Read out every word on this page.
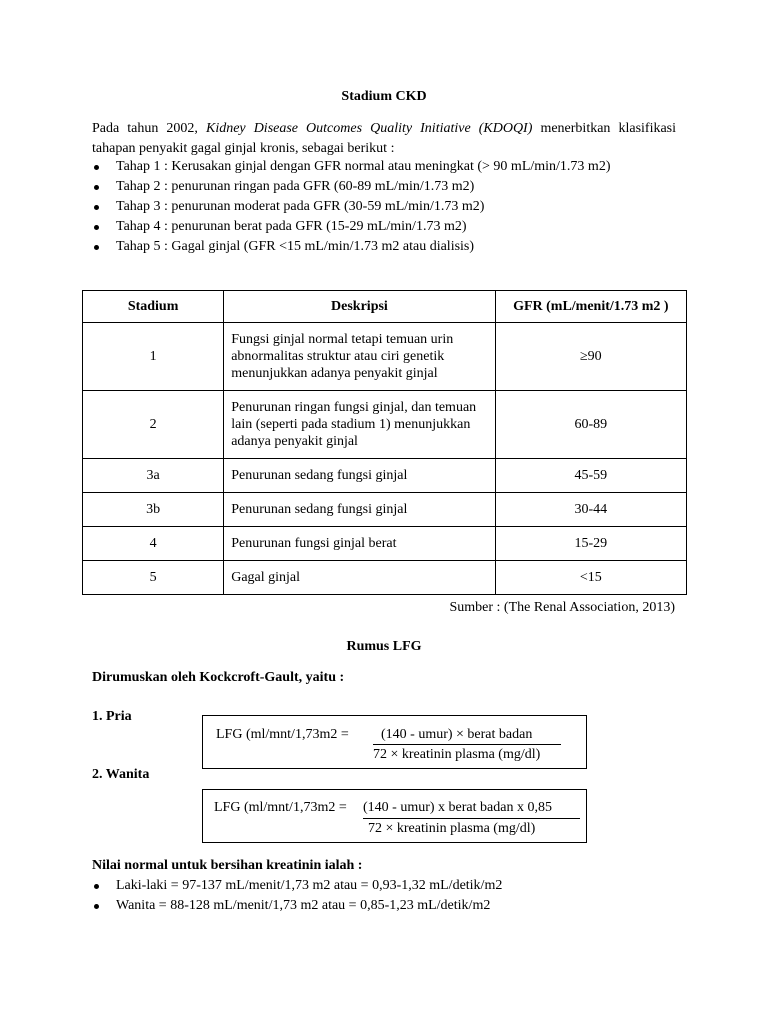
Stadium CKD
Pada tahun 2002, Kidney Disease Outcomes Quality Initiative (KDOQI) menerbitkan klasifikasi tahapan penyakit gagal ginjal kronis, sebagai berikut :
Tahap 1 : Kerusakan ginjal dengan GFR normal atau meningkat (> 90 mL/min/1.73 m2)
Tahap 2 : penurunan ringan pada GFR (60-89 mL/min/1.73 m2)
Tahap 3 : penurunan moderat pada GFR (30-59 mL/min/1.73 m2)
Tahap 4 : penurunan berat pada GFR (15-29 mL/min/1.73 m2)
Tahap 5 : Gagal ginjal (GFR <15 mL/min/1.73 m2 atau dialisis)
Stadium	Deskripsi	GFR (mL/menit/1.73 m2 )
1	Fungsi ginjal normal tetapi temuan urin abnormalitas struktur atau ciri genetik menunjukkan adanya penyakit ginjal	≥90
2	Penurunan ringan fungsi ginjal, dan temuan lain (seperti pada stadium 1) menunjukkan adanya penyakit ginjal	60-89
3a	Penurunan sedang fungsi ginjal	45-59
3b	Penurunan sedang fungsi ginjal	30-44
4	Penurunan fungsi ginjal berat	15-29
5	Gagal ginjal	<15
Sumber : (The Renal Association, 2013)
Rumus LFG
Dirumuskan oleh Kockcroft-Gault, yaitu :
1. Pria
LFG (ml/mnt/1,73m2 = (140 - umur) × berat badan
72 × kreatinin plasma (mg/dl)
2. Wanita
LFG (ml/mnt/1,73m2 = (140 - umur) x berat badan x 0,85
72 × kreatinin plasma (mg/dl)
Nilai normal untuk bersihan kreatinin ialah :
Laki-laki = 97-137 mL/menit/1,73 m2 atau = 0,93-1,32 mL/detik/m2
Wanita = 88-128 mL/menit/1,73 m2 atau = 0,85-1,23 mL/detik/m2
